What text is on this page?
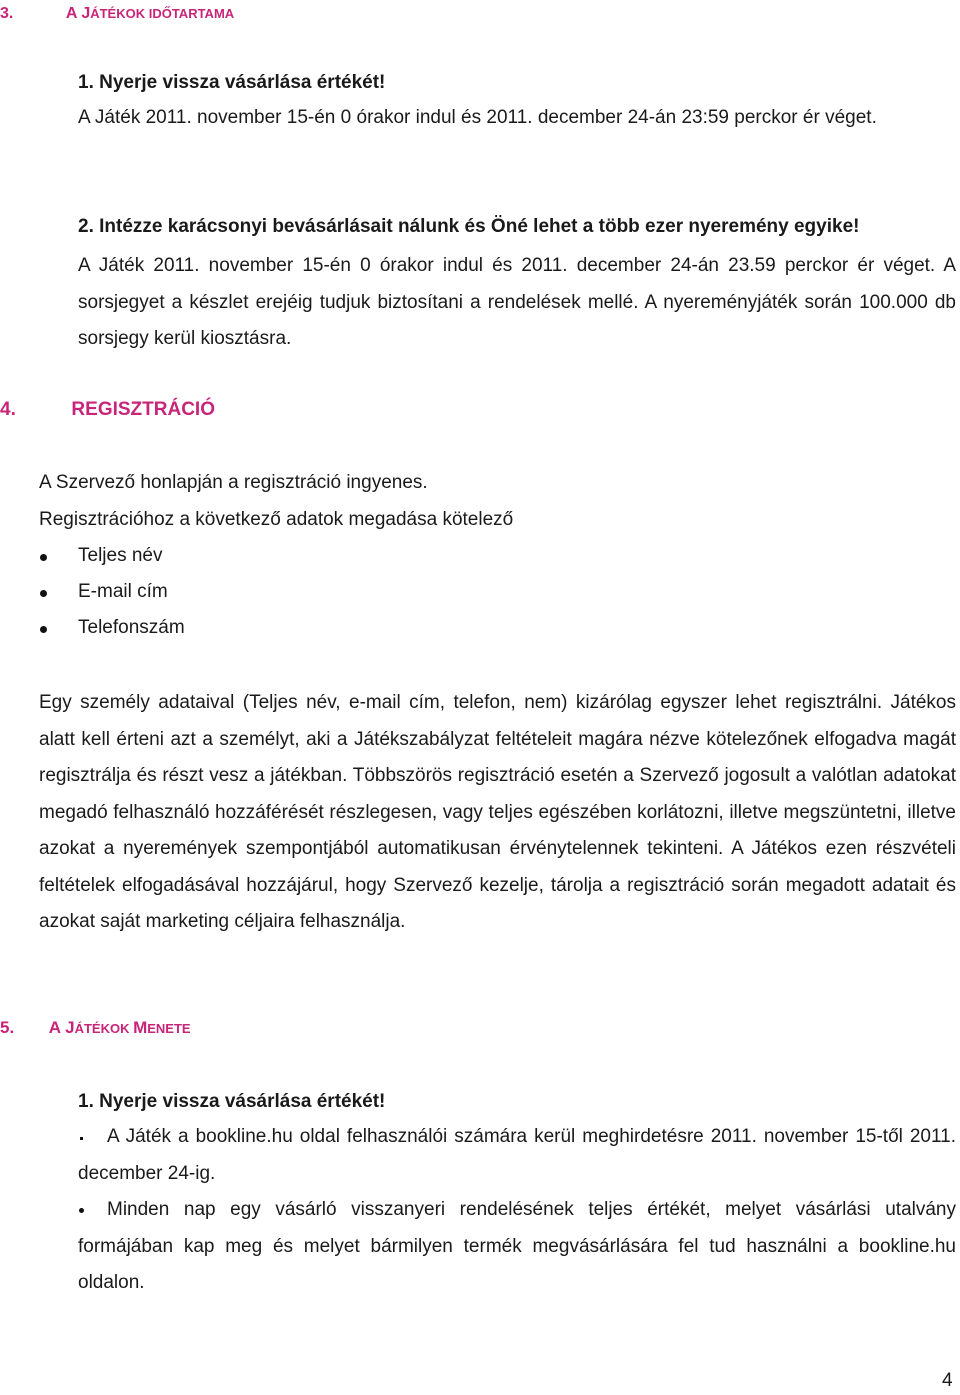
3.	A JÁTÉKOK IDŐTARTAMA
1. Nyerje vissza vásárlása értékét!

A Játék 2011. november 15-én 0 órakor indul és 2011. december 24-án 23:59 perckor ér véget.

2. Intézze karácsonyi bevásárlásait nálunk és Öné lehet a több ezer nyeremény egyike!

A Játék 2011. november 15-én 0 órakor indul és 2011. december 24-án 23.59 perckor ér véget. A sorsjegyet a készlet erejéig tudjuk biztosítani a rendelések mellé. A nyereményjáték során 100.000 db sorsjegy kerül kiosztásra.

4.	REGISZTRÁCIÓ
A Szervező honlapján a regisztráció ingyenes.
Regisztrációhoz a következő adatok megadása kötelező
Teljes név
E-mail cím
Telefonszám

Egy személy adataival (Teljes név, e-mail cím, telefon, nem) kizárólag egyszer lehet regisztrálni. Játékos alatt kell érteni azt a személyt, aki a Játékszabályzat feltételeit magára nézve kötelezőnek elfogadva magát regisztrálja és részt vesz a játékban. Többszörös regisztráció esetén a Szervező jogosult a valótlan adatokat megadó felhasználó hozzáférését részlegesen, vagy teljes egészében korlátozni, illetve megszüntetni, illetve azokat a nyeremények szempontjából automatikusan érvénytelennek tekinteni. A Játékos ezen részvételi feltételek elfogadásával hozzájárul, hogy Szervező kezelje, tárolja a regisztráció során megadott adatait és azokat saját marketing céljaira felhasználja.

5. A JÁTÉKOK MENETE
1. Nyerje vissza vásárlása értékét!

A Játék a bookline.hu oldal felhasználói számára kerül meghirdetésre 2011. november 15-től 2011. december 24-ig.

Minden nap egy vásárló visszanyeri rendelésének teljes értékét, melyet vásárlási utalvány formájában kap meg és melyet bármilyen termék megvásárlására fel tud használni a bookline.hu oldalon.

4
